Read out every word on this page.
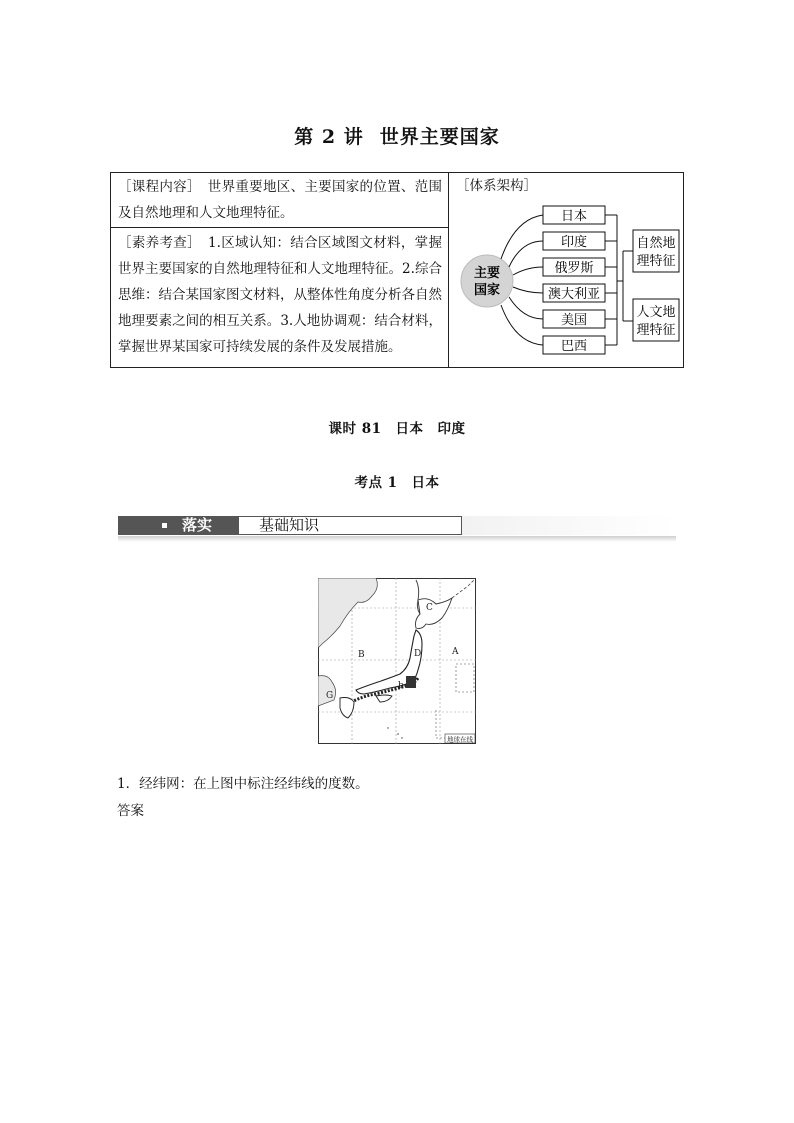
第 2 讲 世界主要国家
［课程内容］　世界重要地区、主要国家的位置、范围及自然地理和人文地理特征。
［素养考查］　1.区域认知：结合区域图文材料，掌握世界主要国家的自然地理特征和人文地理特征。2.综合思维：结合某国家图文材料，从整体性角度分析各自然地理要素之间的相互关系。3.人地协调观：结合材料，掌握世界某国家可持续发展的条件及发展措施。
［体系架构］
主要
国家
日本
印度
俄罗斯
澳大利亚
美国
巴西
自然地
理特征
人文地
理特征
课时 81 日本 印度
考点 1 日本
落实	基础知识
C
B	D	A
b
G
地球在线
1．经纬网：在上图中标注经纬线的度数。
答案
